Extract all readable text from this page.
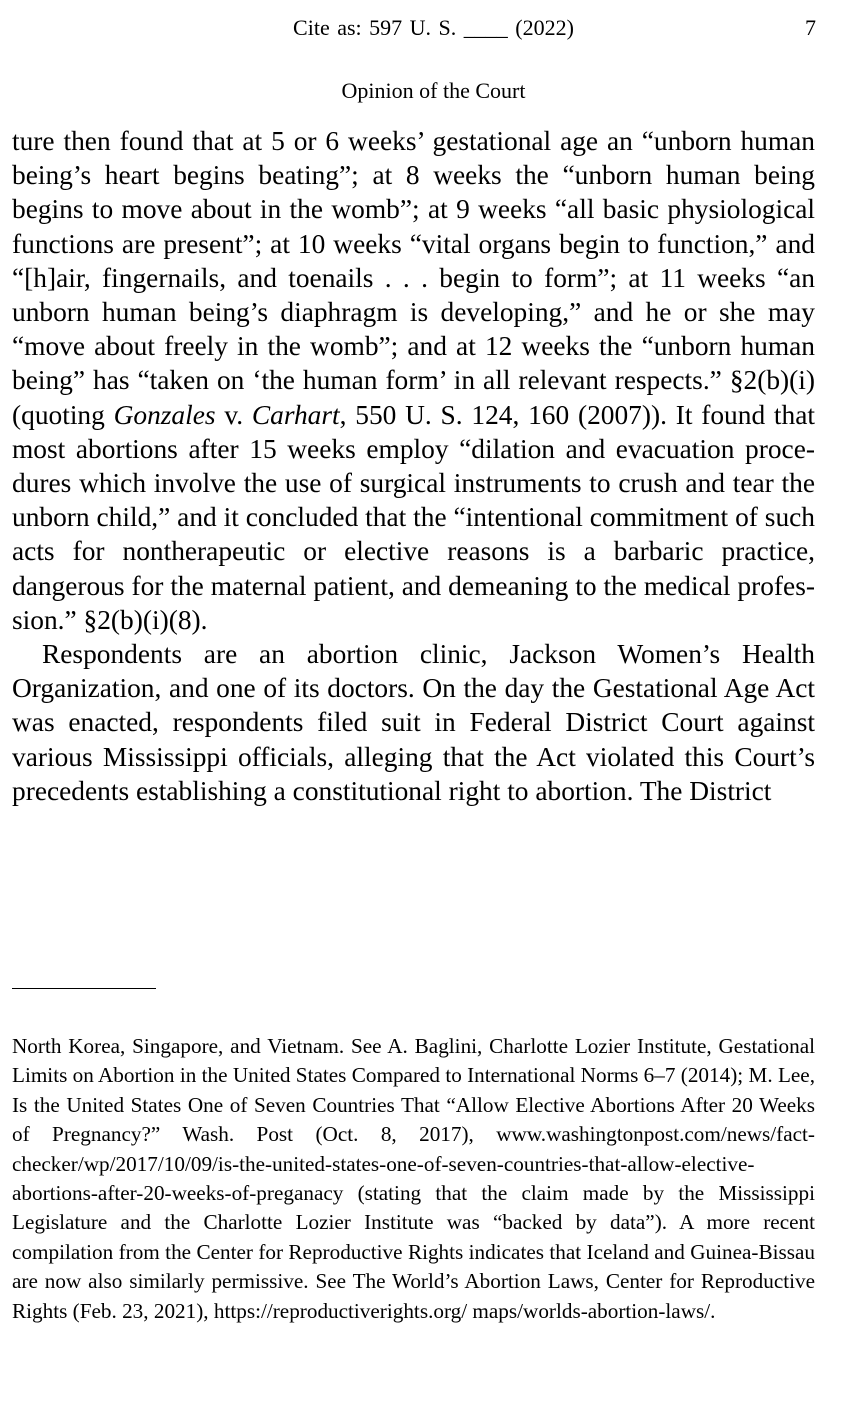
Cite as: 597 U. S. ____ (2022)	7
Opinion of the Court

ture then found that at 5 or 6 weeks’ gestational age an “unborn human being’s heart begins beating”; at 8 weeks the “unborn human being begins to move about in the womb”; at 9 weeks “all basic physiological functions are present”; at 10 weeks “vital organs begin to function,” and “[h]air, fingernails, and toenails . . . begin to form”; at 11 weeks “an unborn human being’s diaphragm is developing,” and he or she may “move about freely in the womb”; and at 12 weeks the “unborn human being” has “taken on ‘the human form’ in all relevant respects.” §2(b)(i) (quoting Gonzales v. Carhart, 550 U. S. 124, 160 (2007)). It found that most abortions after 15 weeks employ “dilation and evacuation procedures which involve the use of surgical instruments to crush and tear the unborn child,” and it concluded that the “intentional commitment of such acts for nontherapeutic or elective reasons is a barbaric practice, dangerous for the maternal patient, and demeaning to the medical profession.” §2(b)(i)(8).

Respondents are an abortion clinic, Jackson Women’s Health Organization, and one of its doctors. On the day the Gestational Age Act was enacted, respondents filed suit in Federal District Court against various Mississippi officials, alleging that the Act violated this Court’s precedents establishing a constitutional right to abortion. The District

North Korea, Singapore, and Vietnam. See A. Baglini, Charlotte Lozier Institute, Gestational Limits on Abortion in the United States Compared to International Norms 6–7 (2014); M. Lee, Is the United States One of Seven Countries That “Allow Elective Abortions After 20 Weeks of Pregnancy?” Wash. Post (Oct. 8, 2017), www.washingtonpost.com/news/fact-checker/wp/2017/10/09/is-the-united-states-one-of-seven-countries-that-allow-elective-abortions-after-20-weeks-of-preganacy (stating that the claim made by the Mississippi Legislature and the Charlotte Lozier Institute was “backed by data”). A more recent compilation from the Center for Reproductive Rights indicates that Iceland and Guinea-Bissau are now also similarly permissive. See The World’s Abortion Laws, Center for Reproductive Rights (Feb. 23, 2021), https://reproductiverights.org/ maps/worlds-abortion-laws/.
